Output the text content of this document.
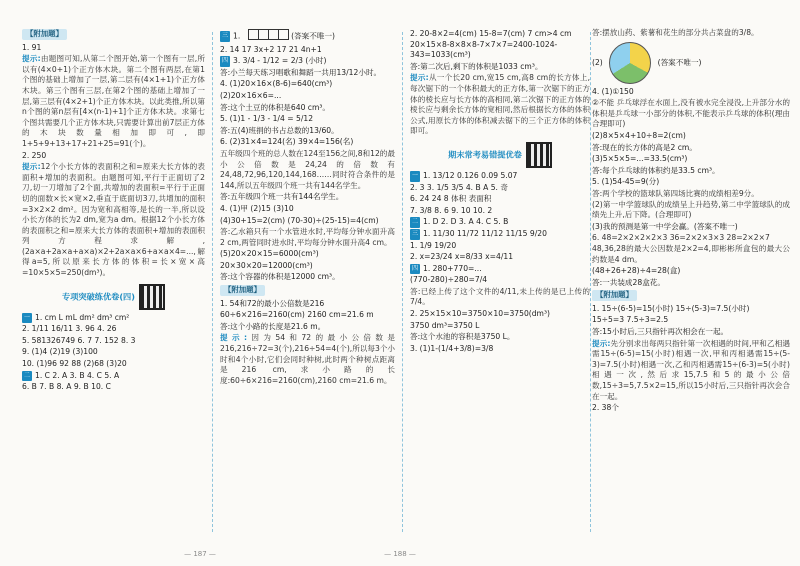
【附加题】
1. 91
提示:由题图可知,从第二个图开始,第一个图有一层,所以有(4×0+1)个正方体木块。第二个图有两层,在第1个图的基础上增加了一层,第二层有(4×1+1)个正方体木块。第三个图有三层,在第2个图的基础上增加了一层,第三层有(4×2+1)个正方体木块。以此类推,所以第n个图的第n层有[4×(n-1)+1]个正方体木块。求第七个图共需要几个正方体木块,只需要计算出前7层正方体的木块数量相加即可,即1+5+9+13+17+21+25=91(个)。
2. 250
提示:12个小长方体的表面积之和=原来大长方体的表面积+增加的表面积。由题图可知,平行于正面切了2刀,切一刀增加了2个面,共增加的表面积=平行于正面切的面数×长×宽×2,垂直于底面切3刀,共增加的面积=3×2×2 dm²。因为宽和高相等,是长的一半,所以设小长方体的长为2 dm,宽为a dm。根据12个小长方体的表面积之和=原来大长方体的表面积+增加的表面积列方程求解,(2a×a+2a×a+a×a)×2+2a×a×6+a×a×4=...,解得a=5,所以原来长方体的体积=长×宽×高=10×5×5=250(dm³)。
专项突破练优卷(四)
一 1. cm L mL dm² dm³ cm²
2. 1/11 16/11 3. 96 4. 26
5. 581326749 6. 7 7. 152 8. 3
9. (1)4 (2)19 (3)100
10. (1)96 92 88 (2)68 (3)20
二 1. C 2. A 3. B 4. C 5. A
6. B 7. B 8. A 9. B 10. C
三 1.	(答案不唯一)
2. 14 17 3x+2 17 21 4n+1
四 3. 3/4 - 1/12 = 2/3 (小时)
答:小兰每天练习唱歌和舞蹈一共用13/12小时。
4. (1)20×16×(8-6)=640(cm³)
(2)20×16×6=...
答:这个土豆的体积是640 cm³。
5. (1)1 - 1/3 - 1/4 = 5/12
答:五(4)班捐的书占总数的13/60。
6. (2)31×4=124(名) 39×4=156(名)
五年级四个班的总人数在124至156之间,8和12的最小公倍数是24,24的倍数有24,48,72,96,120,144,168……同时符合条件的是144,所以五年级四个班一共有144名学生。
答:五年级四个班一共有144名学生。
4. (1)甲 (2)15 (3)10
(4)30+15=2(cm) (70-30)÷(25-15)=4(cm)
答:乙水箱只有一个水管进水时,平均每分钟水面升高2 cm,两管同时进水时,平均每分钟水面升高4 cm。
(5)20×20×15=6000(cm³)
20×30×20=12000(cm³)
答:这个容器的体积是12000 cm³。
【附加题】
1. 54和72的最小公倍数是216
60÷6×216=2160(cm) 2160 cm=21.6 m
答:这个小路的长度是21.6 m。
提示:因为54和72的最小公倍数是216,216÷72=3(个),216÷54=4(个),所以每3个小时和4个小时,它们会同时种树,此时两个种树点距离是216 cm,求小路的长度:60÷6×216=2160(cm),2160 cm=21.6 m。
— 187 —
2. 20-8×2=4(cm) 15-8=7(cm) 7 cm>4 cm 20×15×8-8×8×8-7×7×7=2400-1024-343=1033(cm³)
答:第二次后,剩下的体积是1033 cm³。
提示:从一个长20 cm,宽15 cm,高8 cm的长方体上,每次锯下的一个体积最大的正方体,第一次锯下的正方体的棱长应与长方体的高相同,第二次锯下的正方体的棱长应与剩余长方体的宽相同,然后根据长方体的体积公式,用原长方体的体积减去锯下的三个正方体的体积即可。
期末常考易错提优卷
一 1. 13/12 0.126 0.09 5.07
2. 3 3. 1/5 3/5 4. B A 5. 奇
6. 24 24 8 体积 表面积
7. 3/8 8. 6 9. 10 10. 2
二 1. D 2. D 3. A 4. C 5. B
三 1. 11/30 11/72 11/12 11/15 9/20
1. 1/9 19/20
2. x=23/24 x=8/33 x=4/11
四 1. 280+770=...
(770-280)÷280=7/4
答:已经上传了这个文件的4/11,未上传的是已上传的7/4。
2. 25×15×10=3750×10=3750(dm³)
3750 dm³=3750 L
答:这个水池的容积是3750 L。
3. (1)1-(1/4+3/8)=3/8
答:摆放山药、紫薯和花生的部分共占菜盘的3/8。
(2)	(答案不唯一)
4. (1)①150
②不能 乒乓球浮在水面上,没有被水完全浸没,上升部分水的体积是乒乓球一小部分的体积,不能表示乒乓球的体积(理由合理即可)
(2)8×5×4+10÷8=2(cm)
答:现在的长方体的高是2 cm。
(3)5×5×5=...=33.5(cm³)
答:每个乒乓球的体积约是33.5 cm³。
5. (1)54-45=9(分)
答:两个学校的篮球队第四场比赛的成绩相差9分。
(2)第一中学篮球队的成绩呈上升趋势,第二中学篮球队的成绩先上升,后下降。(合理即可)
(3)我的预测是第一中学会赢。(答案不唯一)
6. 48=2×2×2×2×3 36=2×2×3×3 28=2×2×7
48,36,28的最大公因数是2×2=4,即彬彬所盒包的最大公约数是4 dm。
(48+26+28)÷4=28(盒)
答:一共装成28盒花。
【附加题】
1. 15÷(6-5)=15(小时) 15÷(5-3)=7.5(小时)
15÷5=3 7.5÷3=2.5
答:15小时后,三只指针再次相会在一起。
提示:先分别求出每两只指针第一次相遇的时间,甲和乙相遇需15÷(6-5)=15(小时)相遇一次,甲和丙相遇需15÷(5-3)=7.5(小时)相遇一次,乙和丙相遇需15÷(6-3)=5(小时)相遇一次,然后求15,7.5和5的最小公倍数,15÷3=5,7.5×2=15,所以15小时后,三只指针再次会合在一起。
2. 38个
— 188 —
